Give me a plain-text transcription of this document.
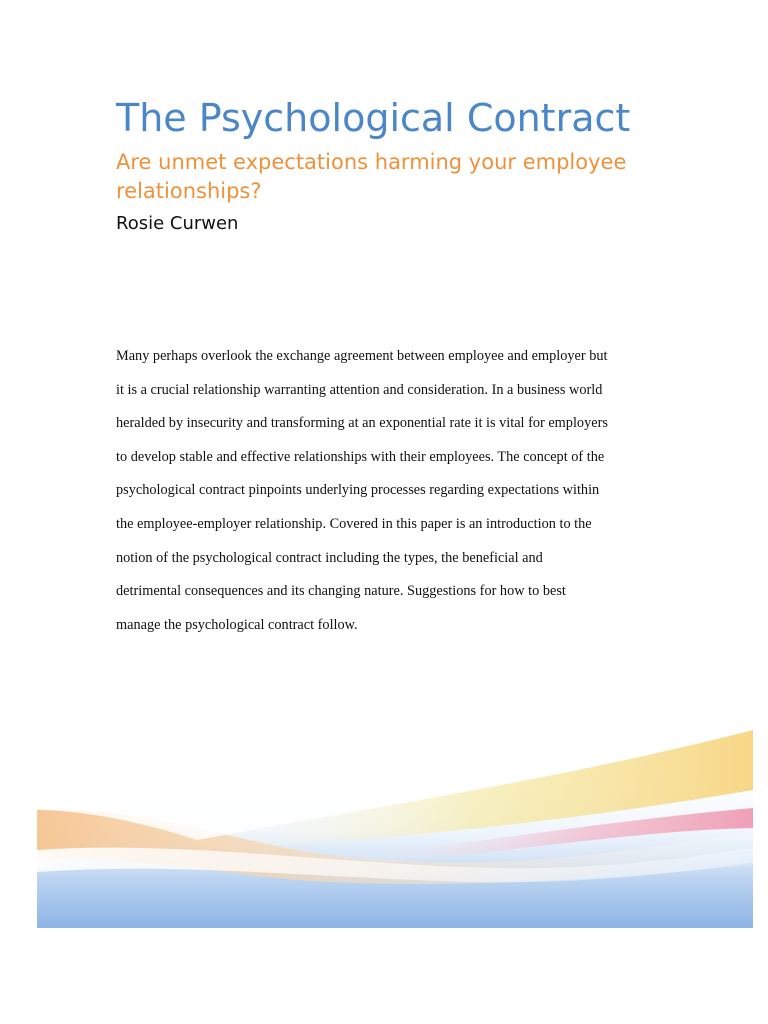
The Psychological Contract
Are unmet expectations harming your employee relationships?

Rosie Curwen

Many perhaps overlook the exchange agreement between employee and employer but
it is a crucial relationship warranting attention and consideration. In a business world
heralded by insecurity and transforming at an exponential rate it is vital for employers
to develop stable and effective relationships with their employees. The concept of the
psychological contract pinpoints underlying processes regarding expectations within
the employee-employer relationship. Covered in this paper is an introduction to the
notion of the psychological contract including the types, the beneficial and
detrimental consequences and its changing nature. Suggestions for how to best
manage the psychological contract follow.
